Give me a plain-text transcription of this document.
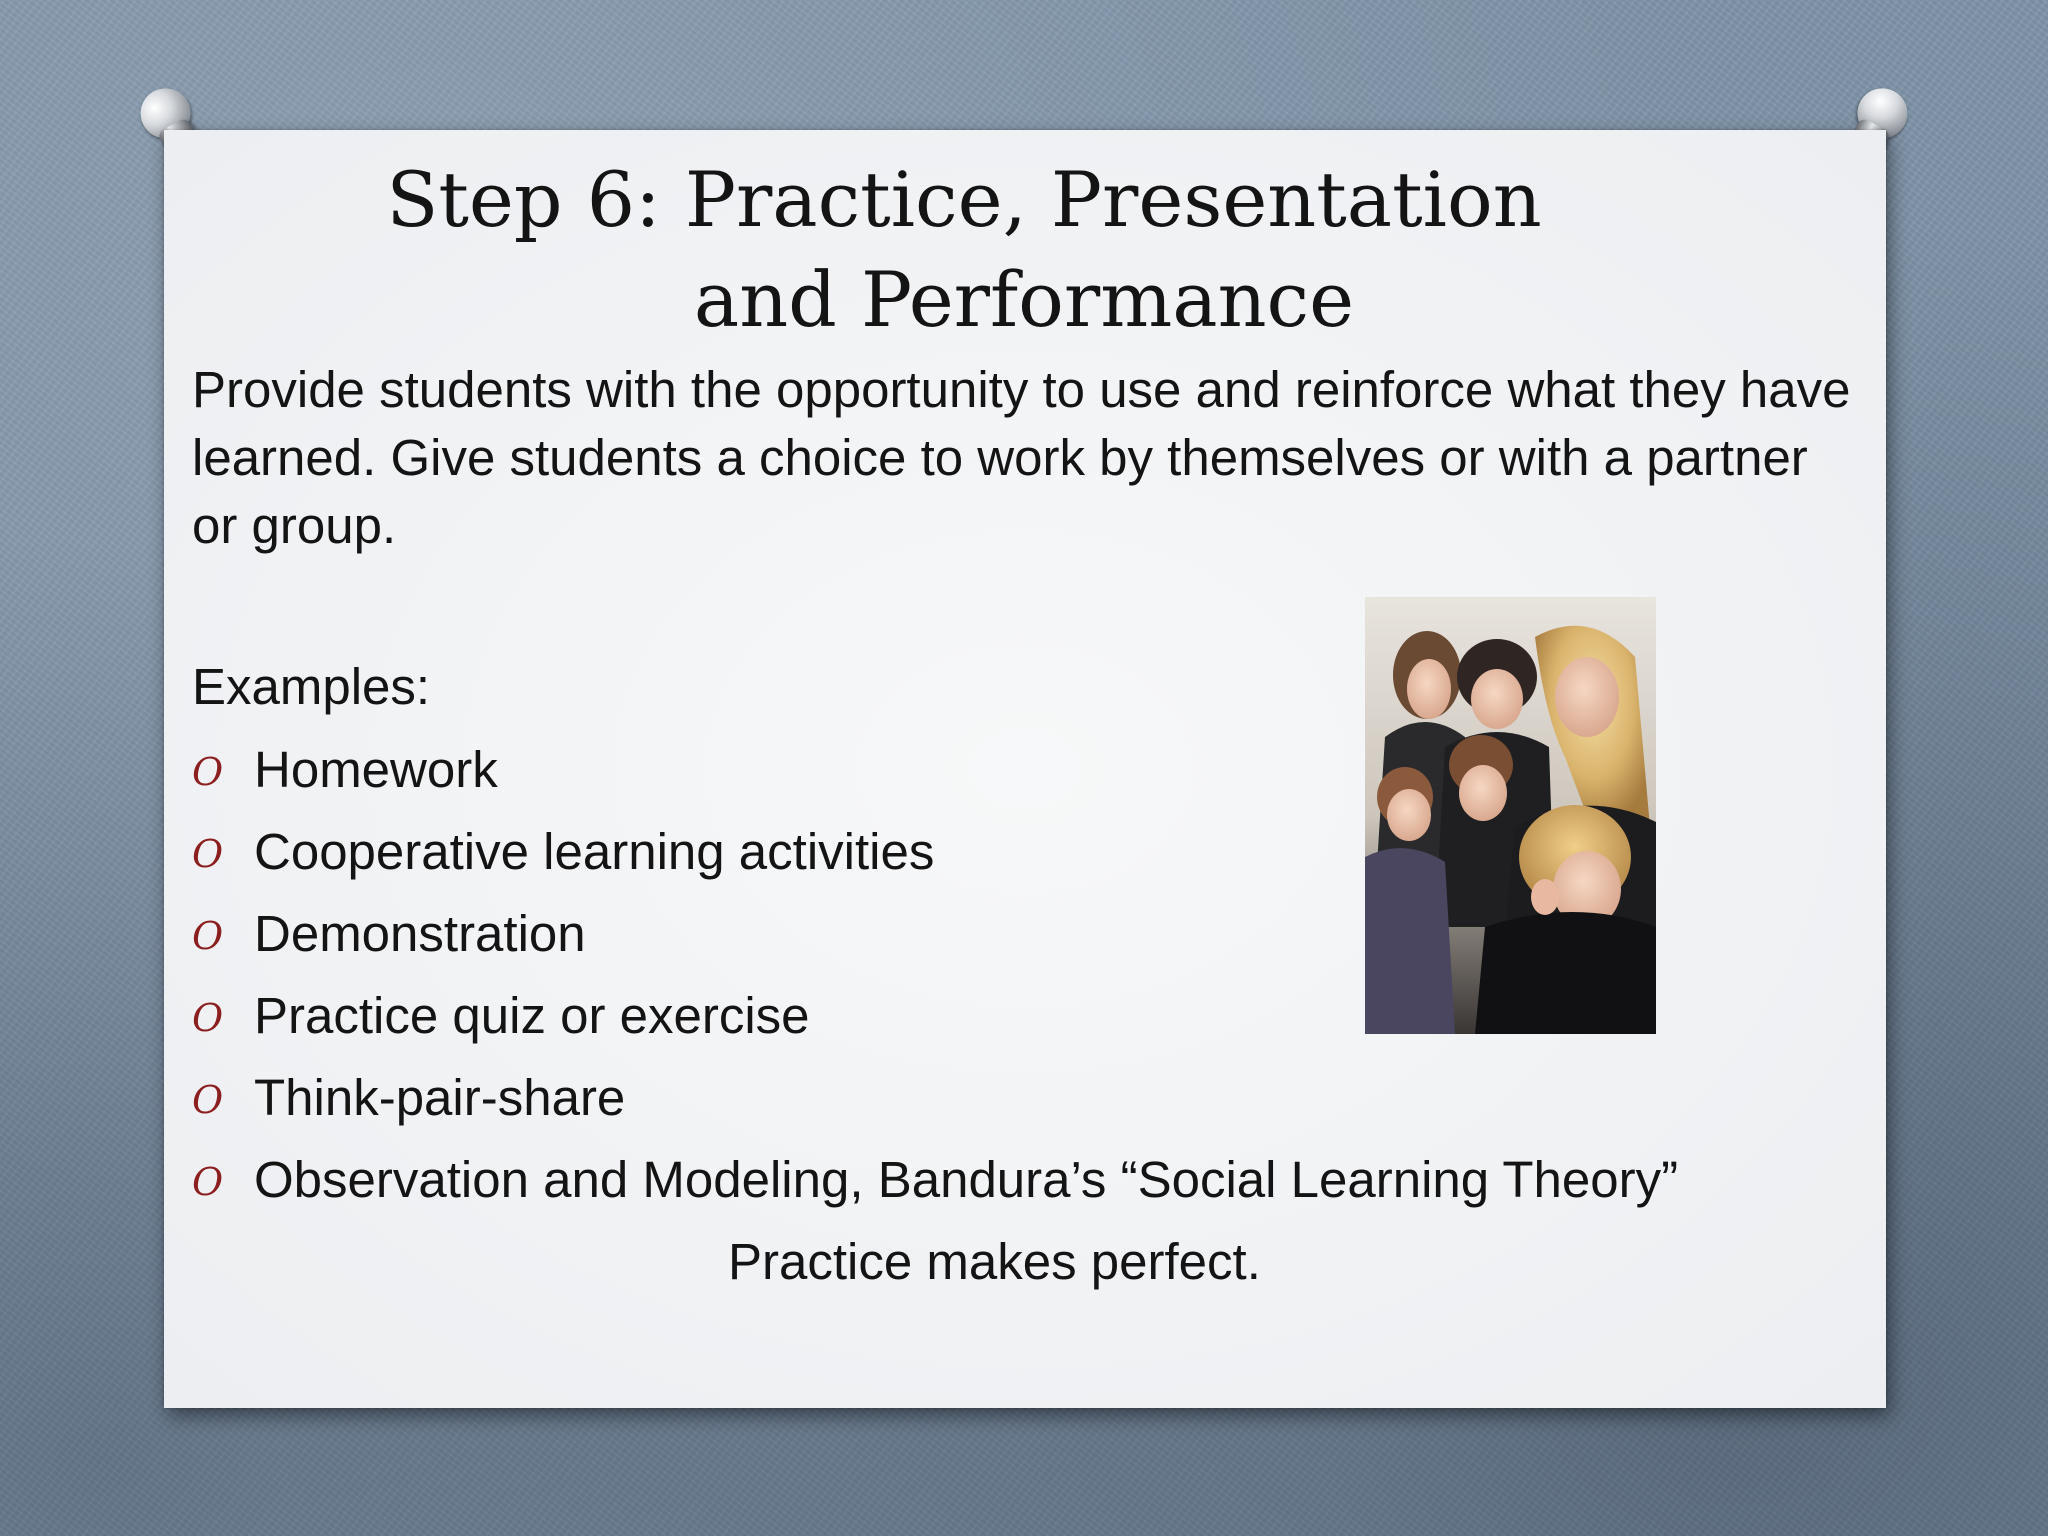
Step 6: Practice, Presentation
and Performance

Provide students with the opportunity to use and reinforce what they have learned. Give students a choice to work by themselves or with a partner or group.

Examples:

O Homework
O Cooperative learning activities
O Demonstration
O Practice quiz or exercise
O Think-pair-share
O Observation and Modeling, Bandura’s “Social Learning Theory”

Practice makes perfect.
